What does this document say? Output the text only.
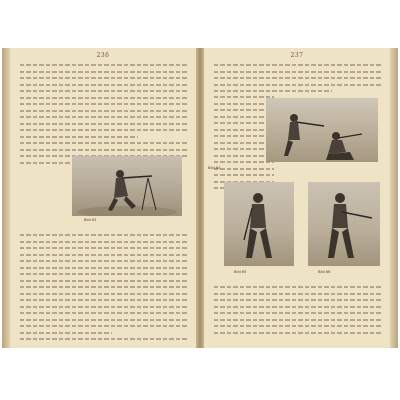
236
Bild 63
237
Bild 64
Bild 65	Bild 66
